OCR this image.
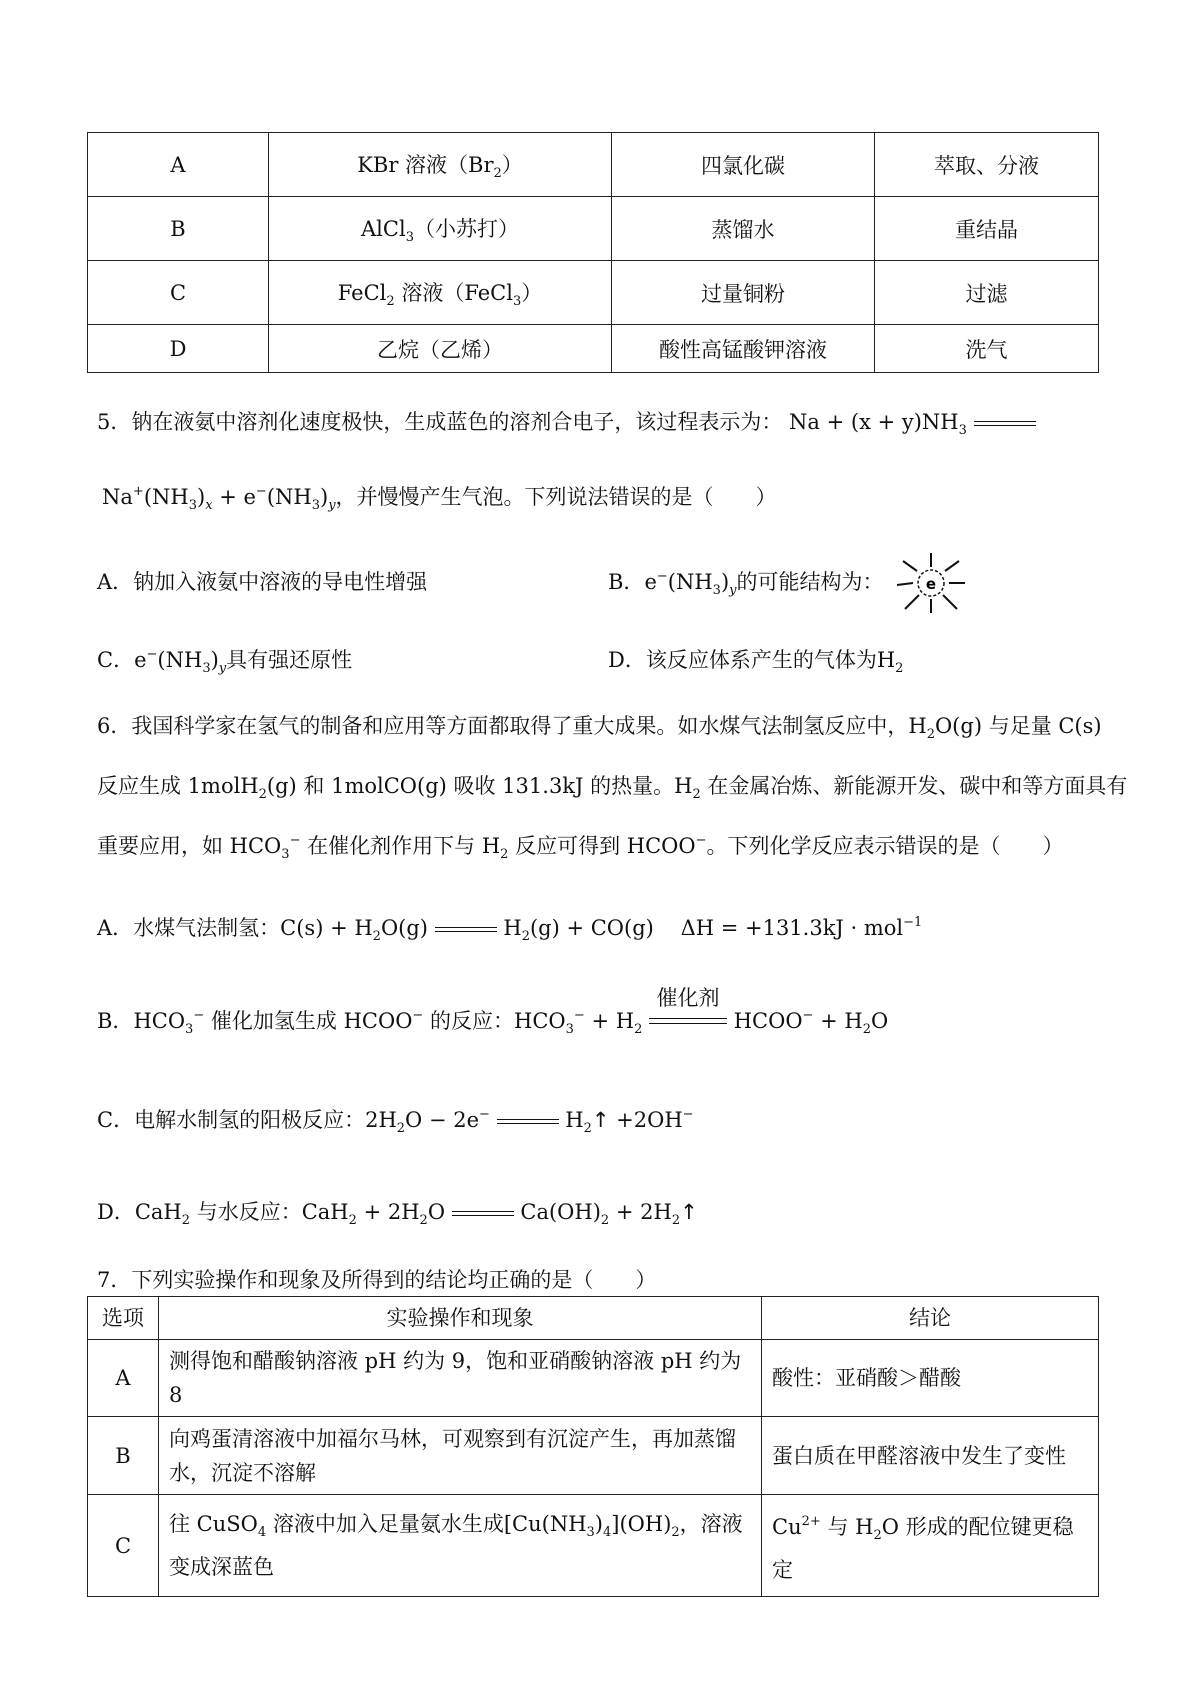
A	KBr 溶液$(Br_2)$	四氯化碳	萃取、分液
B	AlCl$_3$（小苏打）	蒸馏水	重结晶
C	FeCl$_2$ 溶液（FeCl$_3$）	过量铜粉	过滤
D	乙烷（乙烯）	酸性高锰酸钾溶液	洗气
5．钠在液氨中溶剂化速度极快，生成蓝色的溶剂合电子，该过程表示为： $Na + (x + y)NH_3$
$Na^+(NH_3)_x + e^-(NH_3)_y$，并慢慢产生气泡。下列说法错误的是（　　）
A．钠加入液氨中溶液的导电性增强	B．$e^-(NH_3)_y$的可能结构为：	e
C．$e^-(NH_3)_y$具有强还原性	D．该反应体系产生的气体为$H_2$
6．我国科学家在氢气的制备和应用等方面都取得了重大成果。如水煤气法制氢反应中，$H_2O(g)$ 与足量 C(s)
反应生成 1molH$_2$(g) 和 1molCO(g) 吸收 131.3kJ 的热量。$H_2$ 在金属冶炼、新能源开发、碳中和等方面具有
重要应用，如 $HCO_3^-$ 在催化剂作用下与 $H_2$ 反应可得到 HCOO−。下列化学反应表示错误的是（　　）
A．水煤气法制氢：$C(s) + H_2O(g)$	$H_2(g) + CO(g)$    ΔH = +131.3kJ · mol$^{-1}$
B．$HCO_3^-$ 催化加氢生成 HCOO− 的反应：$HCO_3^- + H_2$
催化剂
HCOO− + $H_2O$
C．电解水制氢的阳极反应：$2H_2O - 2e^-$	$H_2↑ +2OH^-$
D．CaH$_2$ 与水反应：$CaH_2 + 2H_2O$	$Ca(OH)_2$ + $2H_2↑$
7．下列实验操作和现象及所得到的结论均正确的是（　　）
选项	实验操作和现象	结论
A	测得饱和醋酸钠溶液 pH 约为 9，饱和亚硝酸钠溶液 pH 约为 8	酸性：亚硝酸＞醋酸
B	向鸡蛋清溶液中加福尔马林，可观察到有沉淀产生，再加蒸馏水，沉淀不溶解	蛋白质在甲醛溶液中发生了变性
C	往 CuSO$_4$ 溶液中加入足量氨水生成$[Cu(NH_3)_4](OH)_2$，溶液变成深蓝色	$Cu^{2+}$ 与 $H_2O$ 形成的配位键更稳定
